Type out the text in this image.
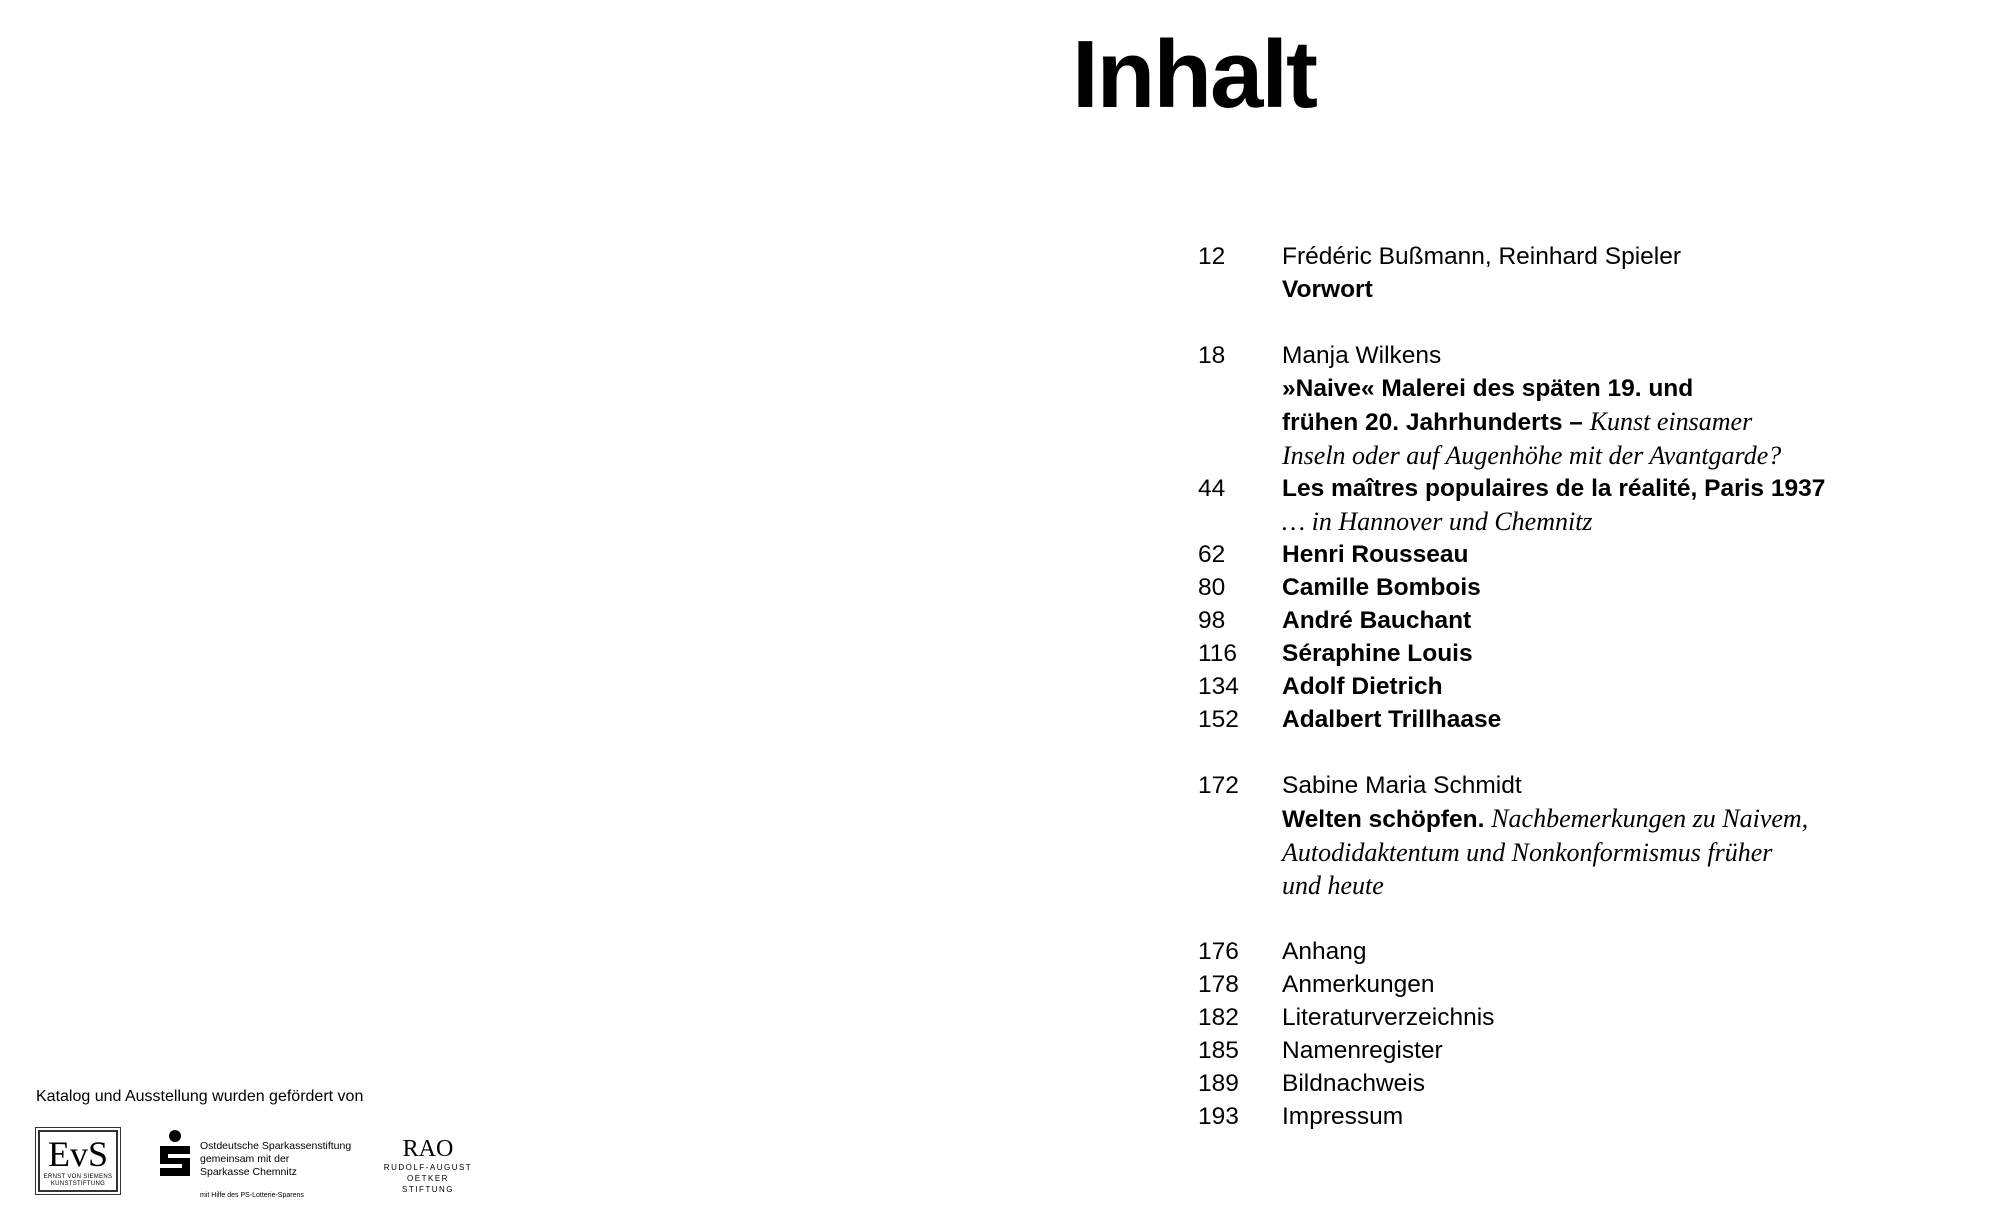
Inhalt
12	Frédéric Bußmann, Reinhard Spieler
Vorwort
18	Manja Wilkens
»Naive« Malerei des späten 19. und
frühen 20. Jahrhunderts – Kunst einsamer
Inseln oder auf Augenhöhe mit der Avantgarde?
44	Les maîtres populaires de la réalité, Paris 1937
… in Hannover und Chemnitz
62	Henri Rousseau
80	Camille Bombois
98	André Bauchant
116	Séraphine Louis
134	Adolf Dietrich
152	Adalbert Trillhaase
172	Sabine Maria Schmidt
Welten schöpfen. Nachbemerkungen zu Naivem,
Autodidaktentum und Nonkonformismus früher
und heute
176	Anhang
178	Anmerkungen
182	Literaturverzeichnis
185	Namenregister
189	Bildnachweis
193	Impressum

Katalog und Ausstellung wurden gefördert von

EvS
ERNST VON SIEMENS
KUNSTSTIFTUNG
Ostdeutsche Sparkassenstiftung
gemeinsam mit der
Sparkasse Chemnitz
mit Hilfe des PS-Lotterie-Sparens
RAO
RUDOLF-AUGUST OETKER
STIFTUNG
